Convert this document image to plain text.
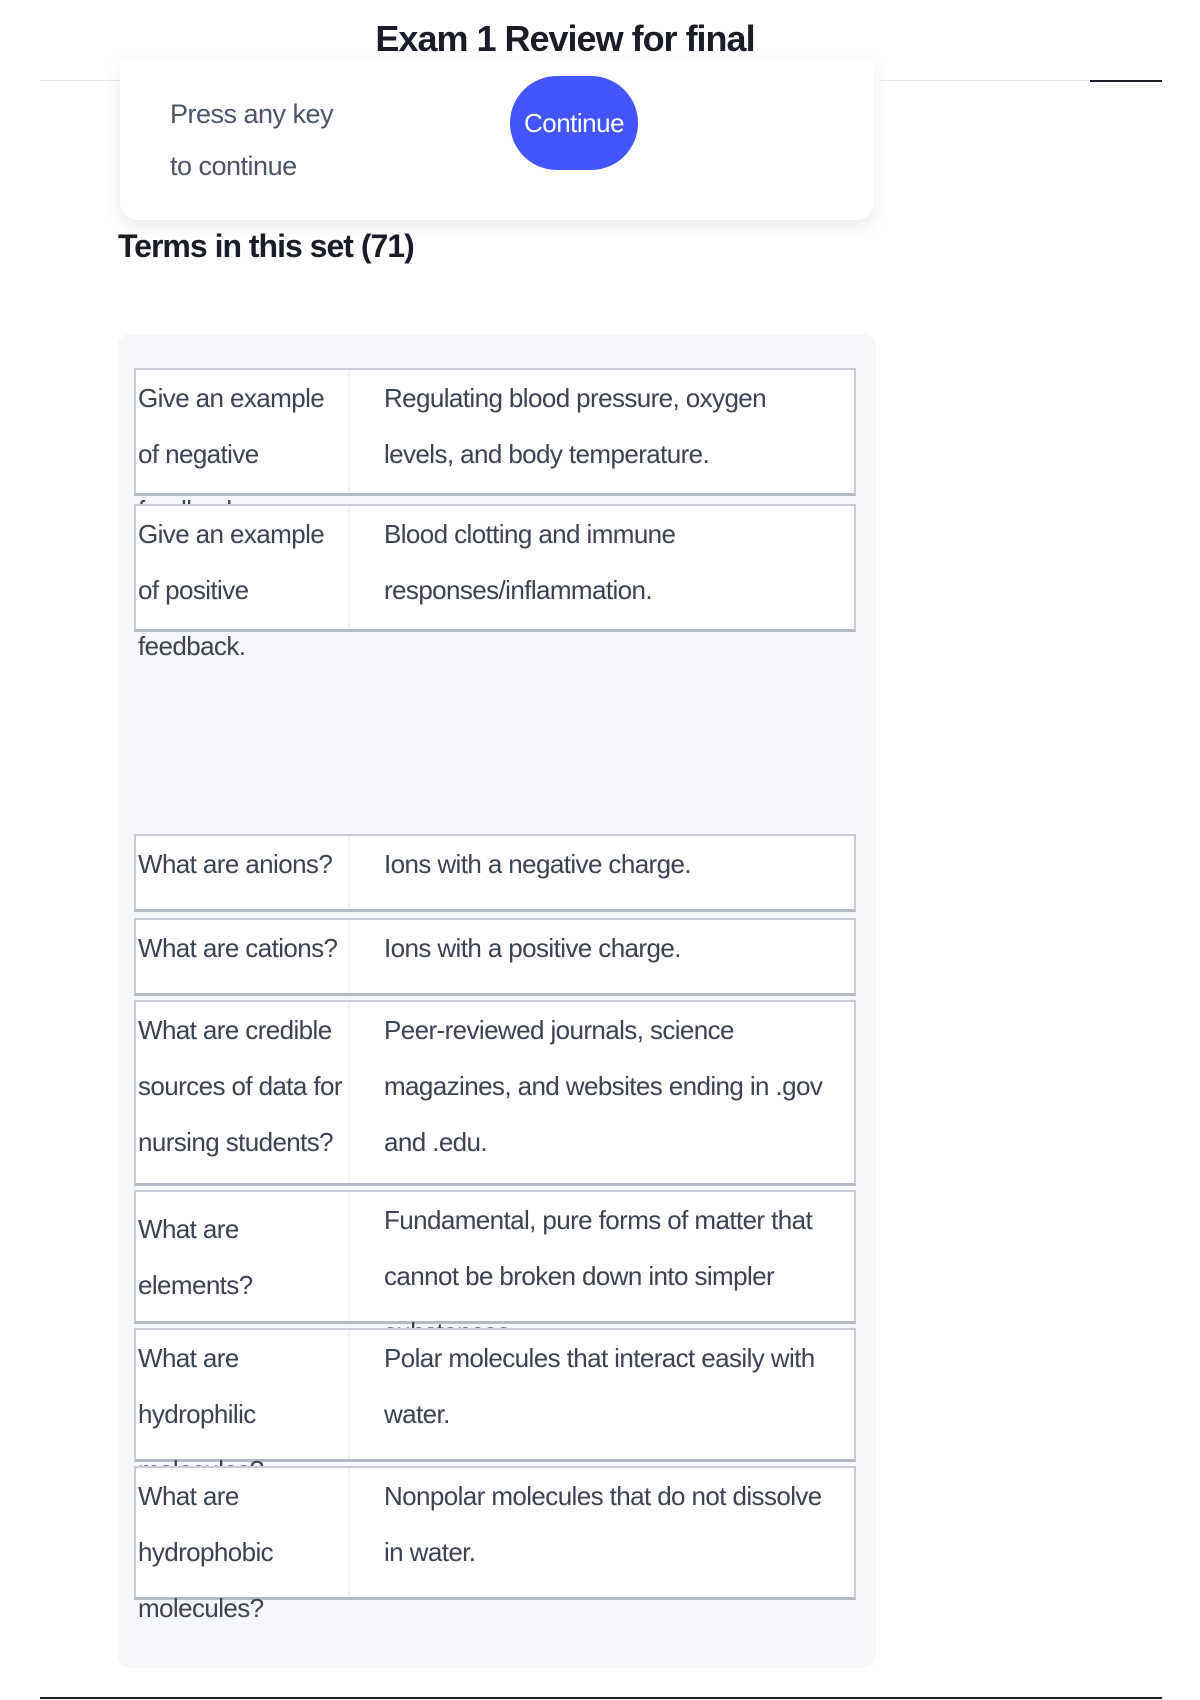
Exam 1 Review for final
Press any key to continue
Continue
Terms in this set (71)
Give an example of negative
Regulating blood pressure, oxygen levels, and body temperature.
Give an example of positive feedback.
Blood clotting and immune responses/inflammation.
What are anions?	Ions with a negative charge.
What are cations?	Ions with a positive charge.
What are credible sources of data for nursing students?
Peer-reviewed journals, science magazines, and websites ending in .gov and .edu.
What are elements?
Fundamental, pure forms of matter that cannot be broken down into simpler
What are hydrophilic
Polar molecules that interact easily with water.
What are hydrophobic molecules?
Nonpolar molecules that do not dissolve in water.
